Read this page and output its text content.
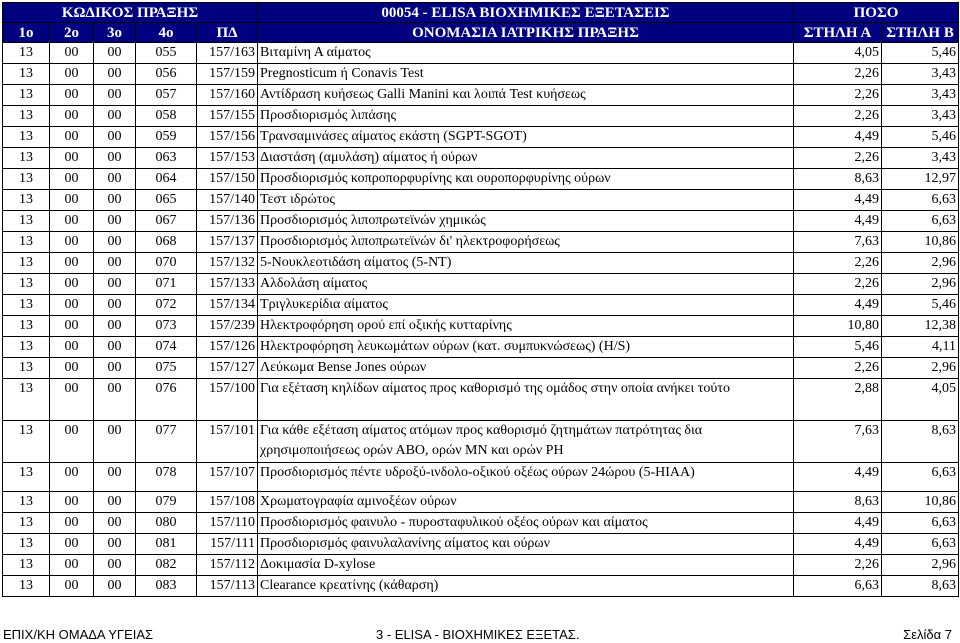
ΚΩΔΙΚΟΣ ΠΡΑΞΗΣ					00054 - ELISA ΒΙΟΧΗΜΙΚΕΣ ΕΞΕΤΑΣΕΙΣ	ΠΟΣΟ	
1ο	2ο	3ο	4ο	ΠΔ	ΟΝΟΜΑΣΙΑ ΙΑΤΡΙΚΗΣ ΠΡΑΞΗΣ	ΣΤΗΛΗ Α	ΣΤΗΛΗ Β
13	00	00	055	157/163	Βιταμίνη Α αίματος	4,05	5,46
13	00	00	056	157/159	Pregnosticum ή Conavis Test	2,26	3,43
13	00	00	057	157/160	Αντίδραση κυήσεως Galli Manini και λοιπά Test κυήσεως	2,26	3,43
13	00	00	058	157/155	Προσδιορισμός λιπάσης	2,26	3,43
13	00	00	059	157/156	Τρανσαμινάσες αίματος εκάστη (SGPT-SGOT)	4,49	5,46
13	00	00	063	157/153	Διαστάση (αμυλάση) αίματος ή ούρων	2,26	3,43
13	00	00	064	157/150	Προσδιορισμός κοπροπορφυρίνης και ουροπορφυρίνης ούρων	8,63	12,97
13	00	00	065	157/140	Τεστ ιδρώτος	4,49	6,63
13	00	00	067	157/136	Προσδιορισμός λιποπρωτεϊνών χημικώς	4,49	6,63
13	00	00	068	157/137	Προσδιορισμός λιποπρωτεϊνών δι' ηλεκτροφορήσεως	7,63	10,86
13	00	00	070	157/132	5-Νουκλεοτιδάση αίματος (5-ΝΤ)	2,26	2,96
13	00	00	071	157/133	Αλδολάση αίματος	2,26	2,96
13	00	00	072	157/134	Τριγλυκερίδια αίματος	4,49	5,46
13	00	00	073	157/239	Ηλεκτροφόρηση ορού επί οξικής κυτταρίνης	10,80	12,38
13	00	00	074	157/126	Ηλεκτροφόρηση λευκωμάτων ούρων (κατ. συμπυκνώσεως) (H/S)	5,46	4,11
13	00	00	075	157/127	Λεύκωμα Bense Jones ούρων	2,26	2,96
13	00	00	076	157/100	Για εξέταση κηλίδων αίματος προς καθορισμό της ομάδος στην οποία ανήκει τούτο	2,88	4,05
13	00	00	077	157/101	Για κάθε εξέταση αίματος ατόμων προς καθορισμό ζητημάτων πατρότητας δια χρησιμοποιήσεως ορών ΑΒΟ, ορών ΜΝ και ορών ΡΗ	7,63	8,63
13	00	00	078	157/107	Προσδιορισμός πέντε υδροξύ-ινδολο-οξικού οξέως ούρων 24ώρου (5-ΗΙΑΑ)	4,49	6,63
13	00	00	079	157/108	Χρωματογραφία αμινοξέων ούρων	8,63	10,86
13	00	00	080	157/110	Προσδιορισμός φαινυλο - πυροσταφυλικού οξέος ούρων και αίματος	4,49	6,63
13	00	00	081	157/111	Προσδιορισμός φαινυλαλανίνης αίματος και ούρων	4,49	6,63
13	00	00	082	157/112	Δοκιμασία D-xylose	2,26	2,96
13	00	00	083	157/113	Clearance κρεατίνης (κάθαρση)	6,63	8,63
ΕΠΙΧ/ΚΗ ΟΜΑΔΑ ΥΓΕΙΑΣ	3 - ELISA - ΒΙΟΧΗΜΙΚΕΣ ΕΞΕΤΑΣ.	Σελίδα 7
